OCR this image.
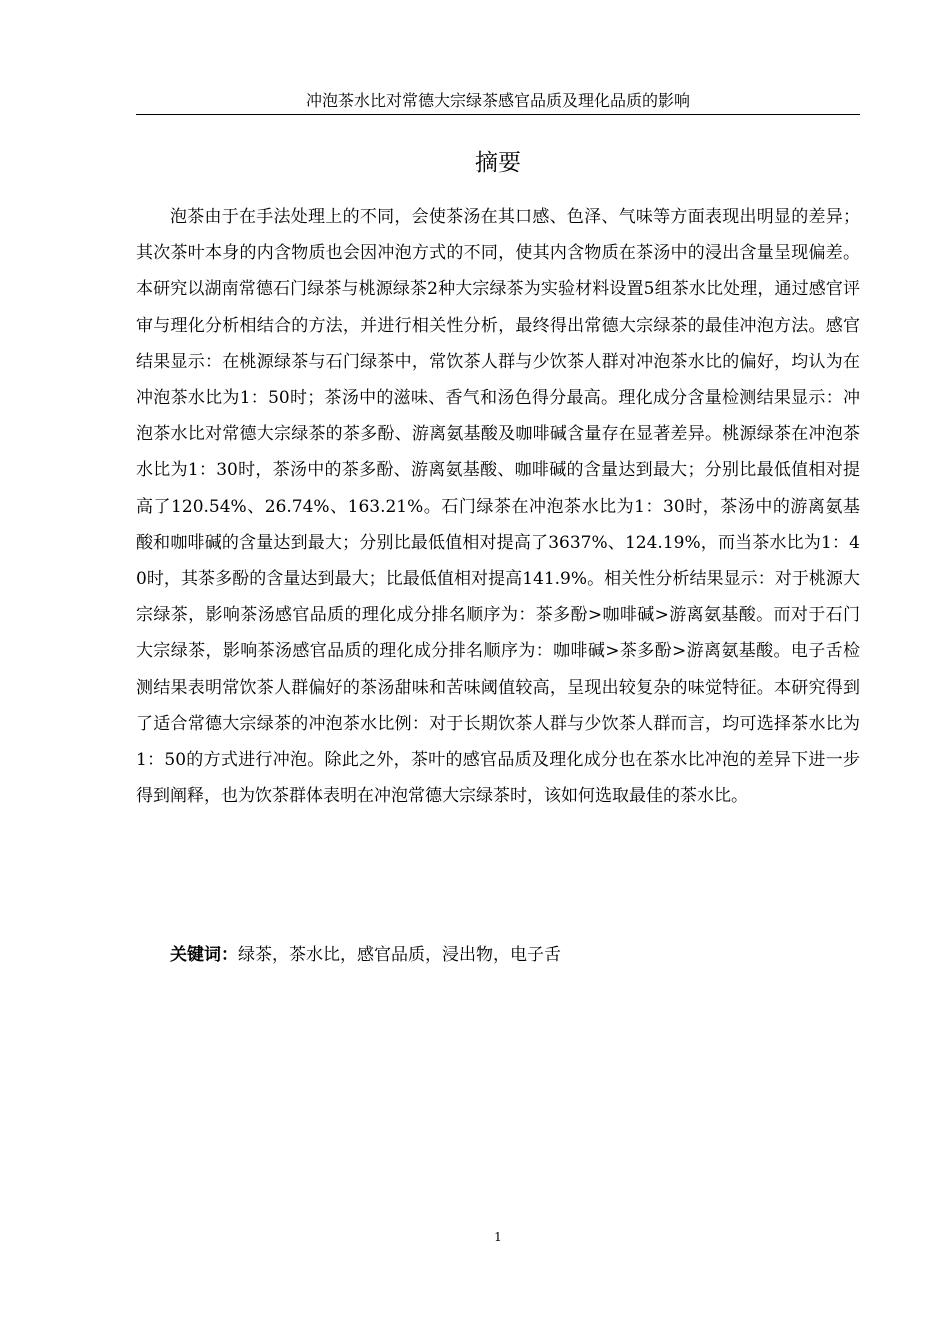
冲泡茶水比对常德大宗绿茶感官品质及理化品质的影响
摘要

泡茶由于在手法处理上的不同，会使茶汤在其口感、色泽、气味等方面表现出明显的差异；其次茶叶本身的内含物质也会因冲泡方式的不同，使其内含物质在茶汤中的浸出含量呈现偏差。本研究以湖南常德石门绿茶与桃源绿茶2种大宗绿茶为实验材料设置5组茶水比处理，通过感官评审与理化分析相结合的方法，并进行相关性分析，最终得出常德大宗绿茶的最佳冲泡方法。感官结果显示：在桃源绿茶与石门绿茶中，常饮茶人群与少饮茶人群对冲泡茶水比的偏好，均认为在冲泡茶水比为1：50时；茶汤中的滋味、香气和汤色得分最高。理化成分含量检测结果显示：冲泡茶水比对常德大宗绿茶的茶多酚、游离氨基酸及咖啡碱含量存在显著差异。桃源绿茶在冲泡茶水比为1：30时，茶汤中的茶多酚、游离氨基酸、咖啡碱的含量达到最大；分别比最低值相对提高了120.54%、26.74%、163.21%。石门绿茶在冲泡茶水比为1：30时，茶汤中的游离氨基酸和咖啡碱的含量达到最大；分别比最低值相对提高了3637%、124.19%，而当茶水比为1：40时，其茶多酚的含量达到最大；比最低值相对提高141.9%。相关性分析结果显示：对于桃源大宗绿茶，影响茶汤感官品质的理化成分排名顺序为：茶多酚>咖啡碱>游离氨基酸。而对于石门大宗绿茶，影响茶汤感官品质的理化成分排名顺序为：咖啡碱>茶多酚>游离氨基酸。电子舌检测结果表明常饮茶人群偏好的茶汤甜味和苦味阈值较高，呈现出较复杂的味觉特征。本研究得到了适合常德大宗绿茶的冲泡茶水比例：对于长期饮茶人群与少饮茶人群而言，均可选择茶水比为1：50的方式进行冲泡。除此之外，茶叶的感官品质及理化成分也在茶水比冲泡的差异下进一步得到阐释，也为饮茶群体表明在冲泡常德大宗绿茶时，该如何选取最佳的茶水比。

关键词：绿茶，茶水比，感官品质，浸出物，电子舌

1
